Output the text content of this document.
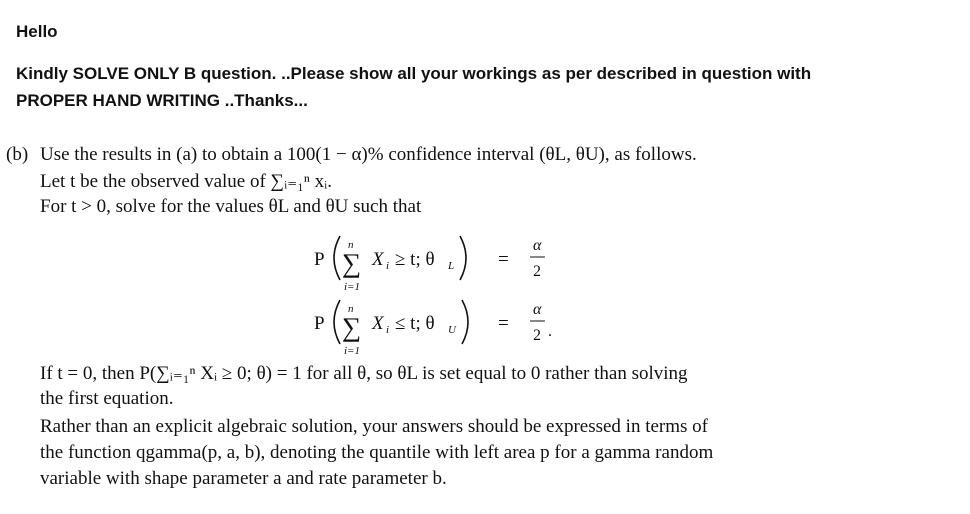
Hello
Kindly SOLVE ONLY B question. ..Please show all your workings as per described in question with
PROPER HAND WRITING ..Thanks...
(b) Use the results in (a) to obtain a 100(1 − α)% confidence interval (θL, θU), as follows.
Let t be the observed value of ∑ᵢ₌₁ⁿ xᵢ.
For t > 0, solve for the values θL and θU such that
P
n
∑
i=1
X i ≥ t; θ L =
α
2
P
n
∑
i=1
X i ≤ t; θ U =
α
2 .
If t = 0, then P(∑ᵢ₌₁ⁿ Xᵢ ≥ 0; θ) = 1 for all θ, so θL is set equal to 0 rather than solving
the first equation.
Rather than an explicit algebraic solution, your answers should be expressed in terms of
the function qgamma(p, a, b), denoting the quantile with left area p for a gamma random
variable with shape parameter a and rate parameter b.
